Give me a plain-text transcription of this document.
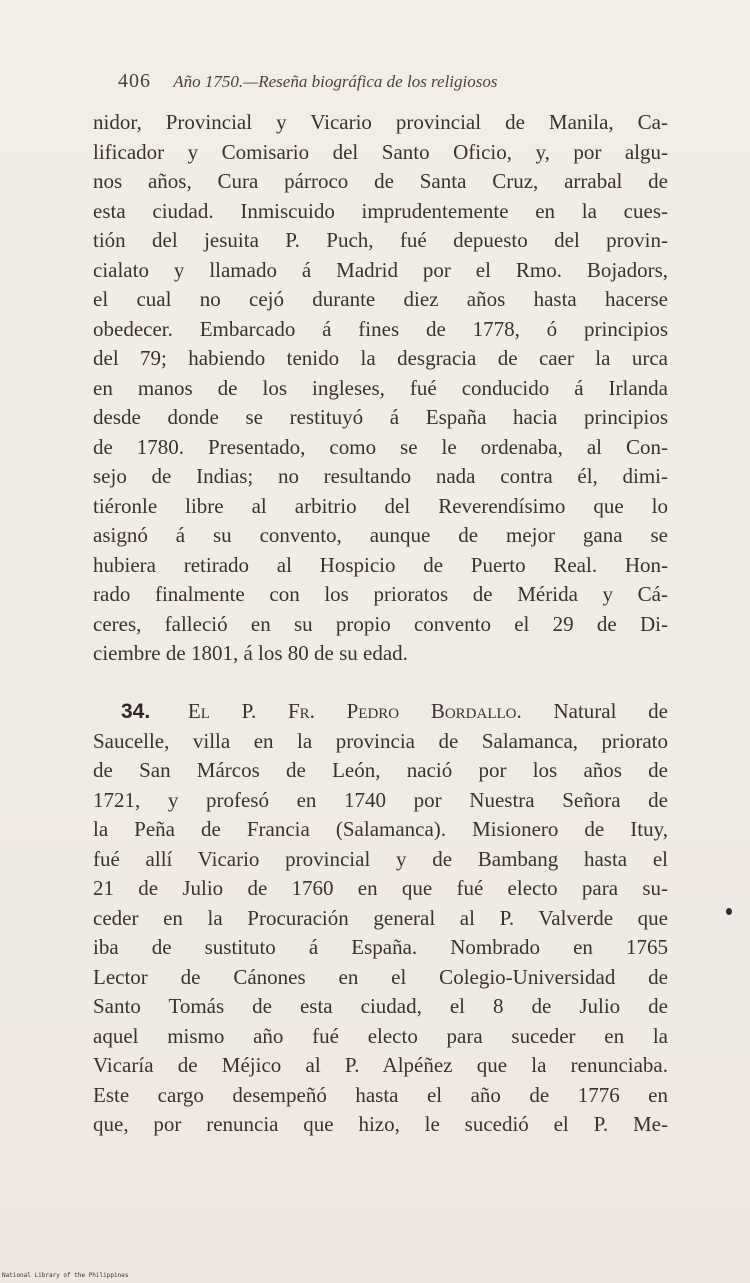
406 Año 1750.—Reseña biográfica de los religiosos
nidor, Provincial y Vicario provincial de Manila, Ca-
lificador y Comisario del Santo Oficio, y, por algu-
nos años, Cura párroco de Santa Cruz, arrabal de
esta ciudad. Inmiscuido imprudentemente en la cues-
tión del jesuita P. Puch, fué depuesto del provin-
cialato y llamado á Madrid por el Rmo. Bojadors,
el cual no cejó durante diez años hasta hacerse
obedecer. Embarcado á fines de 1778, ó principios
del 79; habiendo tenido la desgracia de caer la urca
en manos de los ingleses, fué conducido á Irlanda
desde donde se restituyó á España hacia principios
de 1780. Presentado, como se le ordenaba, al Con-
sejo de Indias; no resultando nada contra él, dimi-
tiéronle libre al arbitrio del Reverendísimo que lo
asignó á su convento, aunque de mejor gana se
hubiera retirado al Hospicio de Puerto Real. Hon-
rado finalmente con los prioratos de Mérida y Cá-
ceres, falleció en su propio convento el 29 de Di-
ciembre de 1801, á los 80 de su edad.
34. El P. Fr. Pedro Bordallo. Natural de
Saucelle, villa en la provincia de Salamanca, priorato
de San Márcos de León, nació por los años de
1721, y profesó en 1740 por Nuestra Señora de
la Peña de Francia (Salamanca). Misionero de Ituy,
fué allí Vicario provincial y de Bambang hasta el
21 de Julio de 1760 en que fué electo para su-
ceder en la Procuración general al P. Valverde que
iba de sustituto á España. Nombrado en 1765
Lector de Cánones en el Colegio-Universidad de
Santo Tomás de esta ciudad, el 8 de Julio de
aquel mismo año fué electo para suceder en la
Vicaría de Méjico al P. Alpéñez que la renunciaba.
Este cargo desempeñó hasta el año de 1776 en
que, por renuncia que hizo, le sucedió el P. Me-
National Library of the Philippines
